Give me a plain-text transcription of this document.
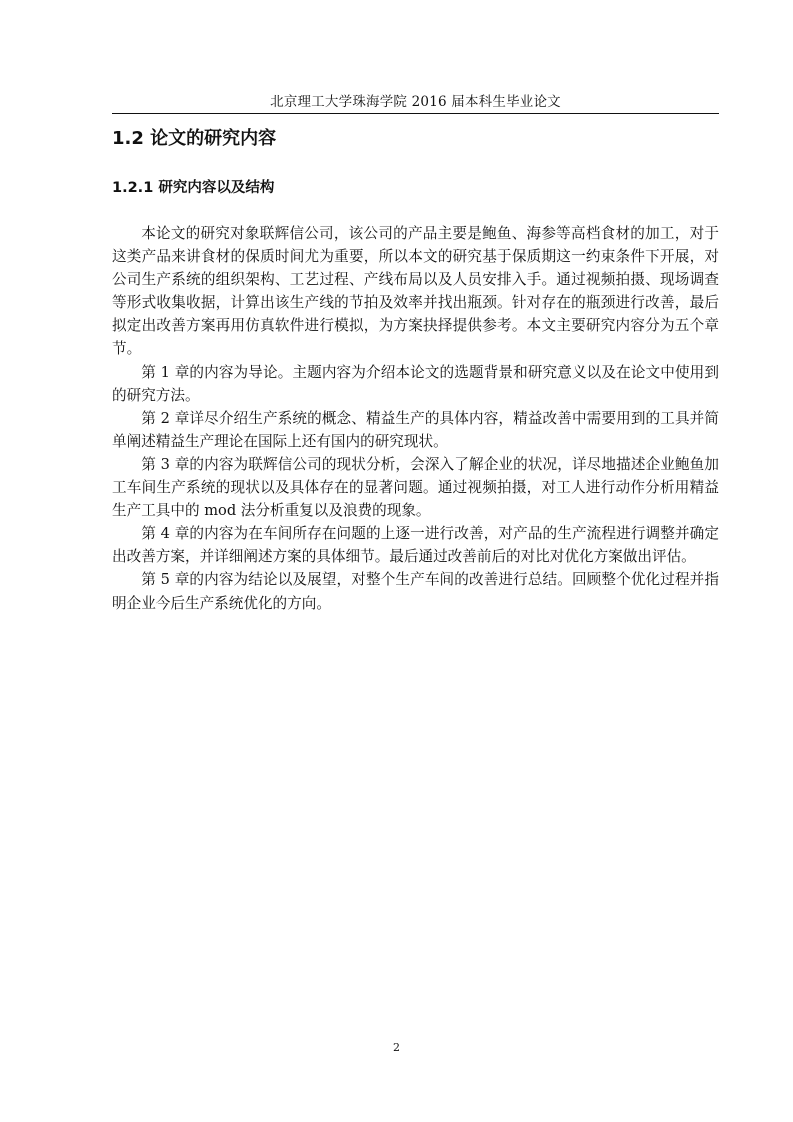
北京理工大学珠海学院 2016 届本科生毕业论文
1.2 论文的研究内容
1.2.1 研究内容以及结构

本论文的研究对象联辉信公司，该公司的产品主要是鲍鱼、海参等高档食材的加工，对于这类产品来讲食材的保质时间尤为重要，所以本文的研究基于保质期这一约束条件下开展，对公司生产系统的组织架构、工艺过程、产线布局以及人员安排入手。通过视频拍摄、现场调查等形式收集收据，计算出该生产线的节拍及效率并找出瓶颈。针对存在的瓶颈进行改善，最后拟定出改善方案再用仿真软件进行模拟，为方案抉择提供参考。本文主要研究内容分为五个章节。

第 1 章的内容为导论。主题内容为介绍本论文的选题背景和研究意义以及在论文中使用到的研究方法。

第 2 章详尽介绍生产系统的概念、精益生产的具体内容，精益改善中需要用到的工具并简单阐述精益生产理论在国际上还有国内的研究现状。

第 3 章的内容为联辉信公司的现状分析，会深入了解企业的状况，详尽地描述企业鲍鱼加工车间生产系统的现状以及具体存在的显著问题。通过视频拍摄，对工人进行动作分析用精益生产工具中的 mod 法分析重复以及浪费的现象。

第 4 章的内容为在车间所存在问题的上逐一进行改善，对产品的生产流程进行调整并确定出改善方案，并详细阐述方案的具体细节。最后通过改善前后的对比对优化方案做出评估。

第 5 章的内容为结论以及展望，对整个生产车间的改善进行总结。回顾整个优化过程并指明企业今后生产系统优化的方向。

2
